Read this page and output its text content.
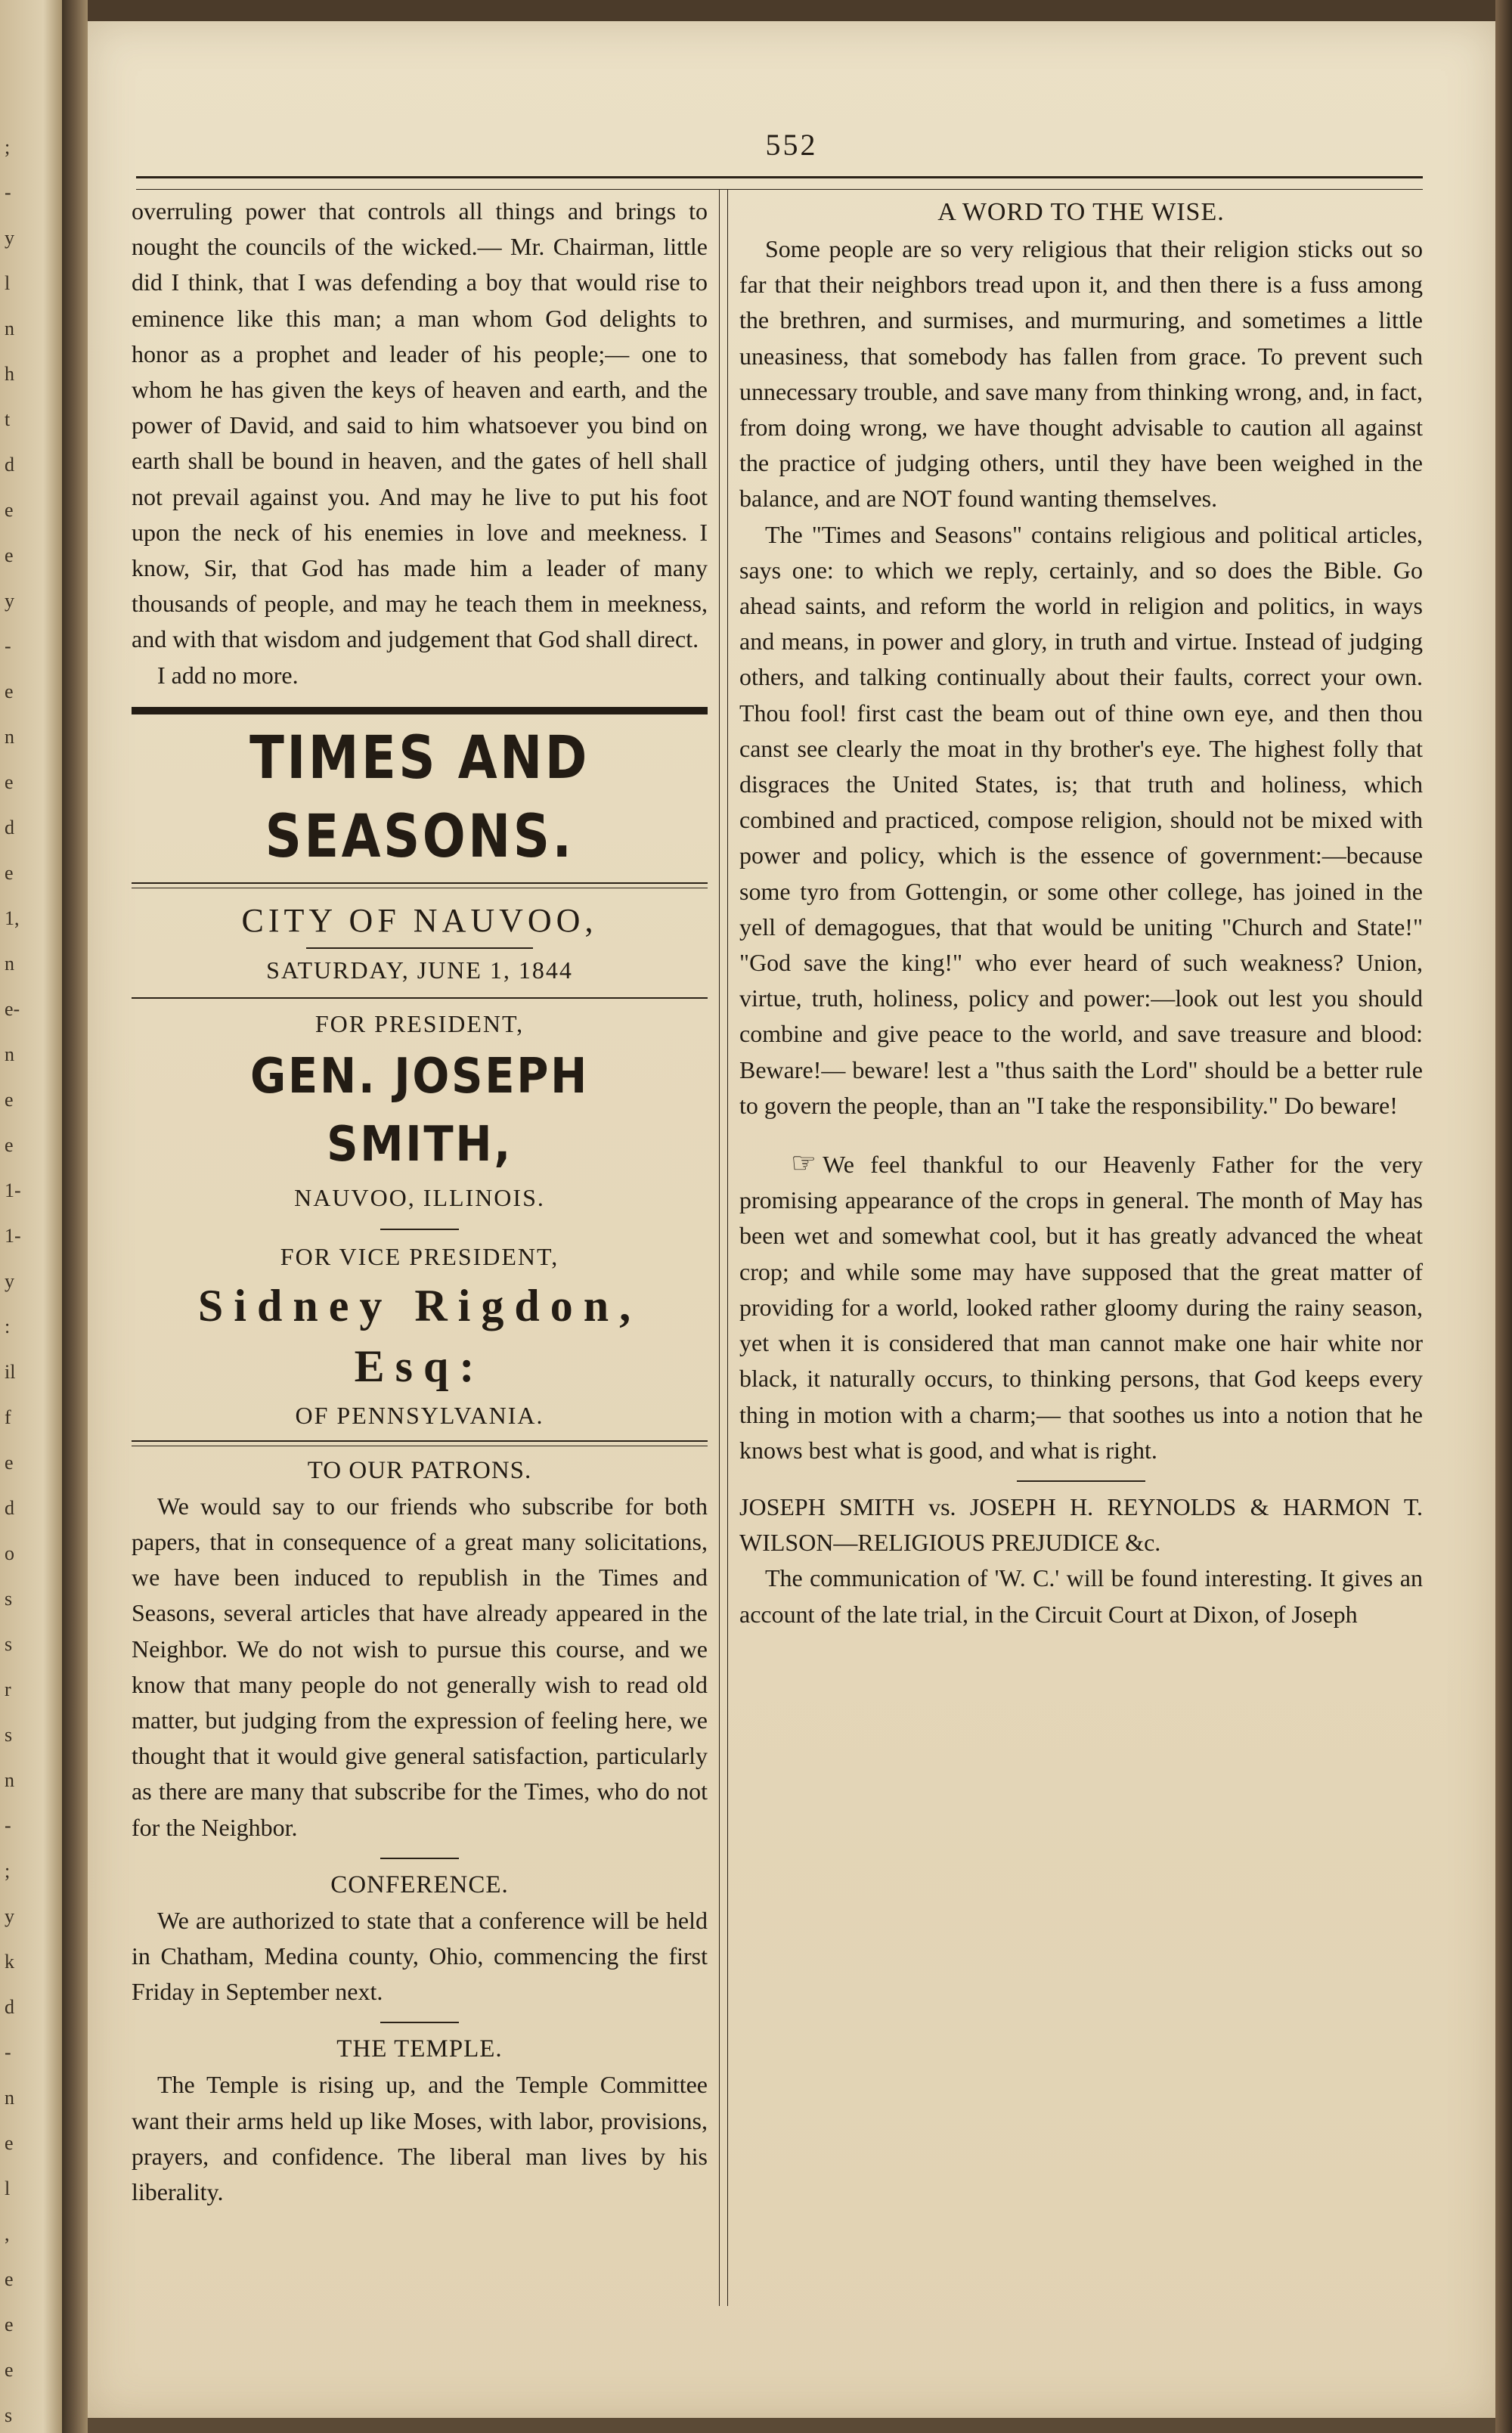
;
-
y
l
n
h
t
d
e
e
y
-
e
n
e
d
e
1,
n
e-
n
e
e
1-
1-
y
:
il
f
e
d
o
s
s
r
s
n
-
;
y
k
d
-
n
e
l
,
e
e
e
s
552

overruling power that controls all things and brings to nought the councils of the wicked.— Mr. Chairman, little did I think, that I was defending a boy that would rise to eminence like this man; a man whom God delights to honor as a prophet and leader of his people;— one to whom he has given the keys of heaven and earth, and the power of David, and said to him whatsoever you bind on earth shall be bound in heaven, and the gates of hell shall not prevail against you. And may he live to put his foot upon the neck of his enemies in love and meekness. I know, Sir, that God has made him a leader of many thousands of people, and may he teach them in meekness, and with that wisdom and judgement that God shall direct.

I add no more.

TIMES AND SEASONS.
CITY OF NAUVOO,
SATURDAY, JUNE 1, 1844
FOR PRESIDENT,
GEN. JOSEPH SMITH,
NAUVOO, ILLINOIS.
FOR VICE PRESIDENT,
Sidney Rigdon, Esq:
OF PENNSYLVANIA.
TO OUR PATRONS.

We would say to our friends who subscribe for both papers, that in consequence of a great many solicitations, we have been induced to republish in the Times and Seasons, several articles that have already appeared in the Neighbor. We do not wish to pursue this course, and we know that many people do not generally wish to read old matter, but judging from the expression of feeling here, we thought that it would give general satisfaction, particularly as there are many that subscribe for the Times, who do not for the Neighbor.

CONFERENCE.

We are authorized to state that a conference will be held in Chatham, Medina county, Ohio, commencing the first Friday in September next.

THE TEMPLE.

The Temple is rising up, and the Temple Committee want their arms held up like Moses, with labor, provisions, prayers, and confidence. The liberal man lives by his liberality.

A WORD TO THE WISE.

Some people are so very religious that their religion sticks out so far that their neighbors tread upon it, and then there is a fuss among the brethren, and surmises, and murmuring, and sometimes a little uneasiness, that somebody has fallen from grace. To prevent such unnecessary trouble, and save many from thinking wrong, and, in fact, from doing wrong, we have thought advisable to caution all against the practice of judging others, until they have been weighed in the balance, and are NOT found wanting themselves.

The "Times and Seasons" contains religious and political articles, says one: to which we reply, certainly, and so does the Bible. Go ahead saints, and reform the world in religion and politics, in ways and means, in power and glory, in truth and virtue. Instead of judging others, and talking continually about their faults, correct your own. Thou fool! first cast the beam out of thine own eye, and then thou canst see clearly the moat in thy brother's eye. The highest folly that disgraces the United States, is; that truth and holiness, which combined and practiced, compose religion, should not be mixed with power and policy, which is the essence of government:—because some tyro from Gottengin, or some other college, has joined in the yell of demagogues, that that would be uniting "Church and State!" "God save the king!" who ever heard of such weakness? Union, virtue, truth, holiness, policy and power:—look out lest you should combine and give peace to the world, and save treasure and blood: Beware!— beware! lest a "thus saith the Lord" should be a better rule to govern the people, than an "I take the responsibility." Do beware!

☞ We feel thankful to our Heavenly Father for the very promising appearance of the crops in general. The month of May has been wet and somewhat cool, but it has greatly advanced the wheat crop; and while some may have supposed that the great matter of providing for a world, looked rather gloomy during the rainy season, yet when it is considered that man cannot make one hair white nor black, it naturally occurs, to thinking persons, that God keeps every thing in motion with a charm;— that soothes us into a notion that he knows best what is good, and what is right.

JOSEPH SMITH vs. JOSEPH H. REYNOLDS & HARMON T. WILSON—RELIGIOUS PREJUDICE &c.

The communication of 'W. C.' will be found interesting. It gives an account of the late trial, in the Circuit Court at Dixon, of Joseph
